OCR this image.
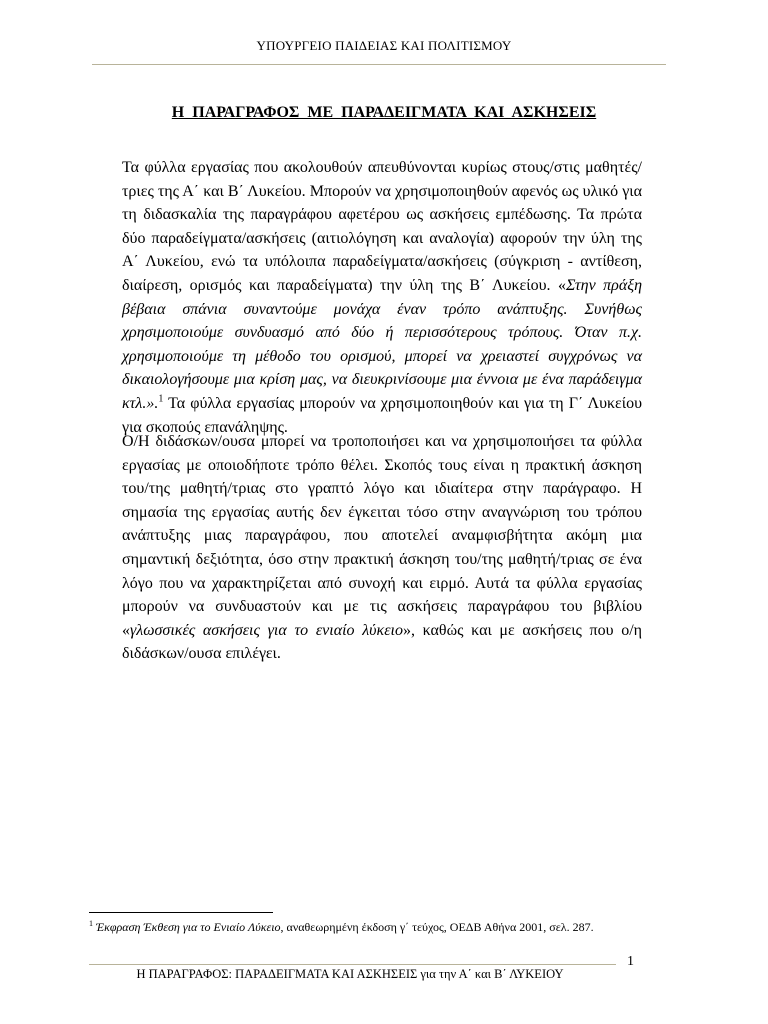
ΥΠΟΥΡΓΕΙΟ ΠΑΙΔΕΙΑΣ ΚΑΙ ΠΟΛΙΤΙΣΜΟΥ
Η ΠΑΡΑΓΡΑΦΟΣ ΜΕ ΠΑΡΑΔΕΙΓΜΑΤΑ ΚΑΙ ΑΣΚΗΣΕΙΣ

Τα φύλλα εργασίας που ακολουθούν απευθύνονται κυρίως στους/στις μαθητές/τριες της Α΄ και Β΄ Λυκείου. Μπορούν να χρησιμοποιηθούν αφενός ως υλικό για τη διδασκαλία της παραγράφου αφετέρου ως ασκήσεις εμπέδωσης. Τα πρώτα δύο παραδείγματα/ασκήσεις (αιτιολόγηση και αναλογία) αφορούν την ύλη της Α΄ Λυκείου, ενώ τα υπόλοιπα παραδείγματα/ασκήσεις (σύγκριση - αντίθεση, διαίρεση, ορισμός και παραδείγματα) την ύλη της Β΄ Λυκείου. «Στην πράξη βέβαια σπάνια συναντούμε μονάχα έναν τρόπο ανάπτυξης. Συνήθως χρησιμοποιούμε συνδυασμό από δύο ή περισσότερους τρόπους. Όταν π.χ. χρησιμοποιούμε τη μέθοδο του ορισμού, μπορεί να χρειαστεί συγχρόνως να δικαιολογήσουμε μια κρίση μας, να διευκρινίσουμε μια έννοια με ένα παράδειγμα κτλ.».$^1$ Τα φύλλα εργασίας μπορούν να χρησιμοποιηθούν και για τη Γ΄ Λυκείου για σκοπούς επανάληψης.

Ο/Η διδάσκων/ουσα μπορεί να τροποποιήσει και να χρησιμοποιήσει τα φύλλα εργασίας με οποιοδήποτε τρόπο θέλει. Σκοπός τους είναι η πρακτική άσκηση του/της μαθητή/τριας στο γραπτό λόγο και ιδιαίτερα στην παράγραφο. Η σημασία της εργασίας αυτής δεν έγκειται τόσο στην αναγνώριση του τρόπου ανάπτυξης μιας παραγράφου, που αποτελεί αναμφισβήτητα ακόμη μια σημαντική δεξιότητα, όσο στην πρακτική άσκηση του/της μαθητή/τριας σε ένα λόγο που να χαρακτηρίζεται από συνοχή και ειρμό. Αυτά τα φύλλα εργασίας μπορούν να συνδυαστούν και με τις ασκήσεις παραγράφου του βιβλίου «γλωσσικές ασκήσεις για το ενιαίο λύκειο», καθώς και με ασκήσεις που ο/η διδάσκων/ουσα επιλέγει.

$^1$ Έκφραση Έκθεση για το Ενιαίο Λύκειο, αναθεωρημένη έκδοση γ΄ τεύχος, ΟΕΔΒ Αθήνα 2001, σελ. 287.
1
Η ΠΑΡΑΓΡΑΦΟΣ: ΠΑΡΑΔΕΙΓΜΑΤΑ ΚΑΙ ΑΣΚΗΣΕΙΣ για την Α΄ και Β΄ ΛΥΚΕΙΟΥ
